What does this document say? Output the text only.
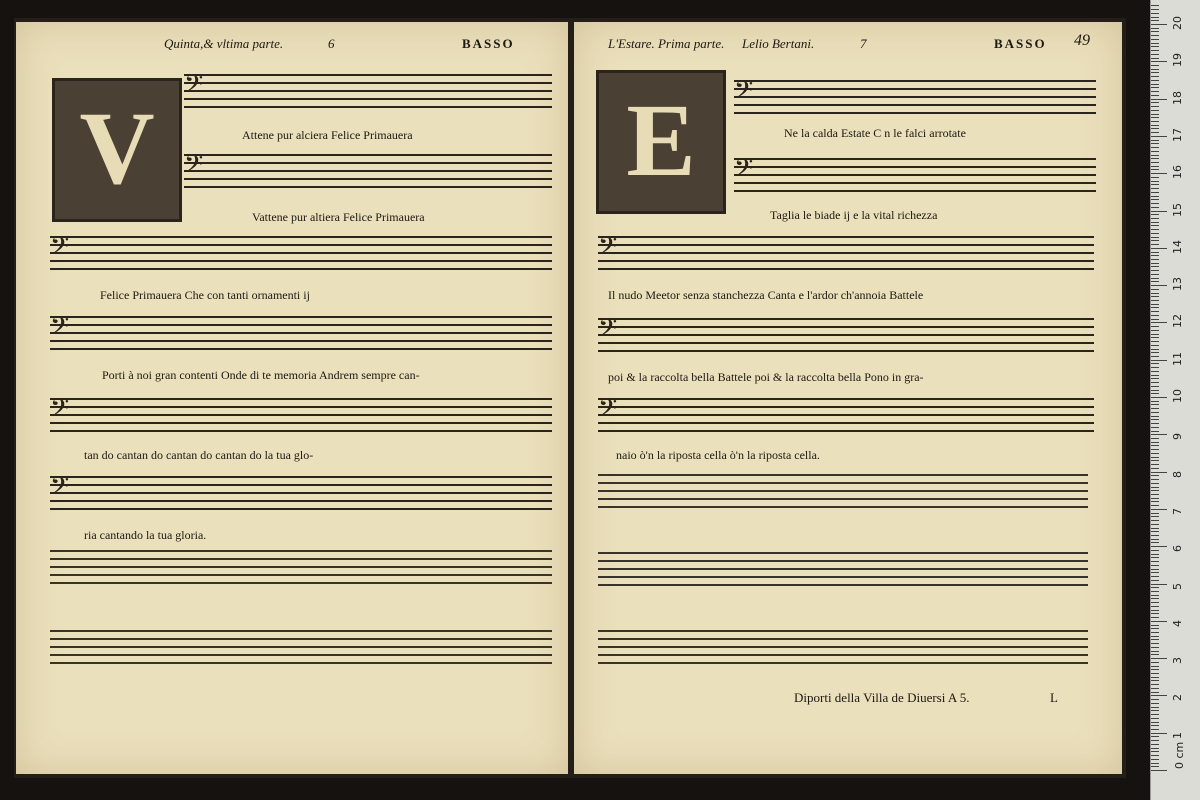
Quinta,& vltima parte.	6	BASSO
V
𝄢
Attene pur alciera Felice Primauera
𝄢
Vattene pur altiera Felice Primauera
𝄢
Felice Primauera Che con tanti ornamenti ij
𝄢
Porti à noi gran contenti Onde di te memoria Andrem sempre can-
𝄢
tan do cantan do cantan do cantan do la tua glo-
𝄢
ria cantando la tua gloria.
L'Estare. Prima parte. Lelio Bertani.	7	BASSO 49
E	𝄢
Ne la calda Estate C n le falci arrotate
𝄢
Taglia le biade ij e la vital richezza
𝄢
Il nudo Meetor senza stanchezza Canta e l'ardor ch'annoia Battele
𝄢
poi & la raccolta bella Battele poi & la raccolta bella Pono in gra-
𝄢
naio ò'n la riposta cella ò'n la riposta cella.
Diporti della Villa de Diuersi A 5.	L
1
2
3
4
5
6
7
8
9
10
11
12
13
14
15
16
17
18
19
20
0 cm
